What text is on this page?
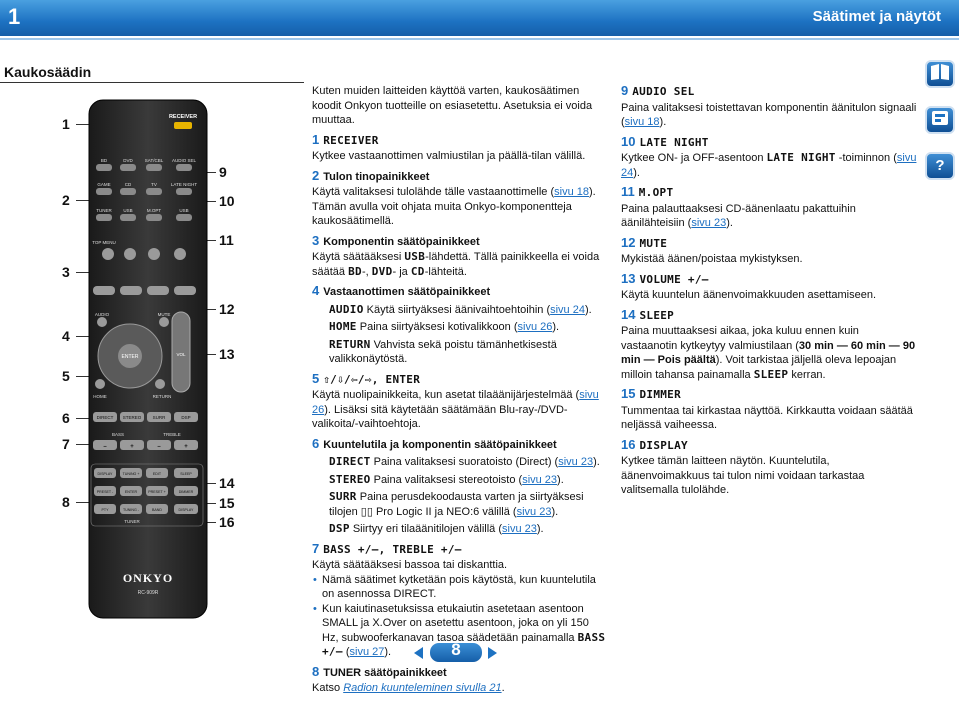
1	Säätimet ja näytöt
Kaukosäädin
1
2
3
4
5
6
7
8
9
10
11
12
13
14
15
16
RECEIVER
BD	DVD	SAT/CBL AUDIO SEL
GAME	CD	TV	LATE NIGHT
TUNER	USB	M.OPT	USB
TOP MENU
AUDIO	MUTE
ENTER	VOL
HOME	RETURN
DIRECT STEREO	SURR	DSP
BASS	TREBLE
–	+	–	+
DISPLAY	TUNING +	EDIT	SLEEP
PRESET -	ENTER	PRESET +	DIMMER
PTY	TUNING -	BAND	DISPLAY
TUNER
ONKYO
RC-909R
Kuten muiden laitteiden käyttöä varten, kaukosäätimen koodit Onkyon tuotteille on esiasetettu. Asetuksia ei voida muuttaa.
1 RECEIVER

Kytkee vastaanottimen valmiustilan ja päällä-tilan välillä.

2 Tulon tinopainikkeet

Käytä valitaksesi tulolähde tälle vastaanottimelle (sivu 18). Tämän avulla voit ohjata muita Onkyo-komponentteja kaukosäätimellä.

3 Komponentin säätöpainikkeet

Käytä säätääksesi USB-lähdettä. Tällä painikkeella ei voida säätää BD-, DVD- ja CD-lähteitä.

4 Vastaanottimen säätöpainikkeet
AUDIO Käytä siirtyäksesi äänivaihtoehtoihin (sivu 24).
HOME Paina siirtyäksesi kotivalikkoon (sivu 26).
RETURN Vahvista sekä poistu tämänhetkisestä valikkonäytöstä.
5 ⇧/⇩/⇦/⇨, ENTER

Käytä nuolipainikkeita, kun asetat tilaäänijärjestelmää (sivu 26). Lisäksi sitä käytetään säätämään Blu-ray-/DVD-valikoita/-vaihtoehtoja.

6 Kuuntelutila ja komponentin säätöpainikkeet
DIRECT Paina valitaksesi suoratoisto (Direct) (sivu 23).
STEREO Paina valitaksesi stereotoisto (sivu 23).
SURR Paina perusdekoodausta varten ja siirtyäksesi tilojen ▯▯ Pro Logic II ja NEO:6 välillä (sivu 23).
DSP Siirtyy eri tilaäänitilojen välillä (sivu 23).
7 BASS +/–, TREBLE +/–

Käytä säätääksesi bassoa tai diskanttia.

• Nämä säätimet kytketään pois käytöstä, kun kuuntelutila on asennossa DIRECT.
• Kun kaiutinasetuksissa etukaiutin asetetaan asentoon SMALL ja X.Over on asetettu asentoon, joka on yli 150 Hz, subwooferkanavan tasoa säädetään painamalla BASS +/– (sivu 27).
8 TUNER säätöpainikkeet

Katso Radion kuunteleminen sivulla 21.

9 AUDIO SEL

Paina valitaksesi toistettavan komponentin äänitulon signaali (sivu 18).

10 LATE NIGHT

Kytkee ON- ja OFF-asentoon LATE NIGHT -toiminnon (sivu 24).

11 M.OPT

Paina palauttaaksesi CD-äänenlaatu pakattuihin äänilähteisiin (sivu 23).

12 MUTE

Mykistää äänen/poistaa mykistyksen.

13 VOLUME +/–

Käytä kuuntelun äänenvoimakkuuden asettamiseen.

14 SLEEP

Paina muuttaaksesi aikaa, joka kuluu ennen kuin vastaanotin kytkeytyy valmiustilaan (30 min — 60 min — 90 min — Pois päältä). Voit tarkistaa jäljellä oleva lepoajan milloin tahansa painamalla SLEEP kerran.

15 DIMMER

Tummentaa tai kirkastaa näyttöä. Kirkkautta voidaan säätää neljässä vaiheessa.

16 DISPLAY

Kytkee tämän laitteen näytön. Kuuntelutila, äänenvoimakkuus tai tulon nimi voidaan tarkastaa valitsemalla tulolähde.

?
8
